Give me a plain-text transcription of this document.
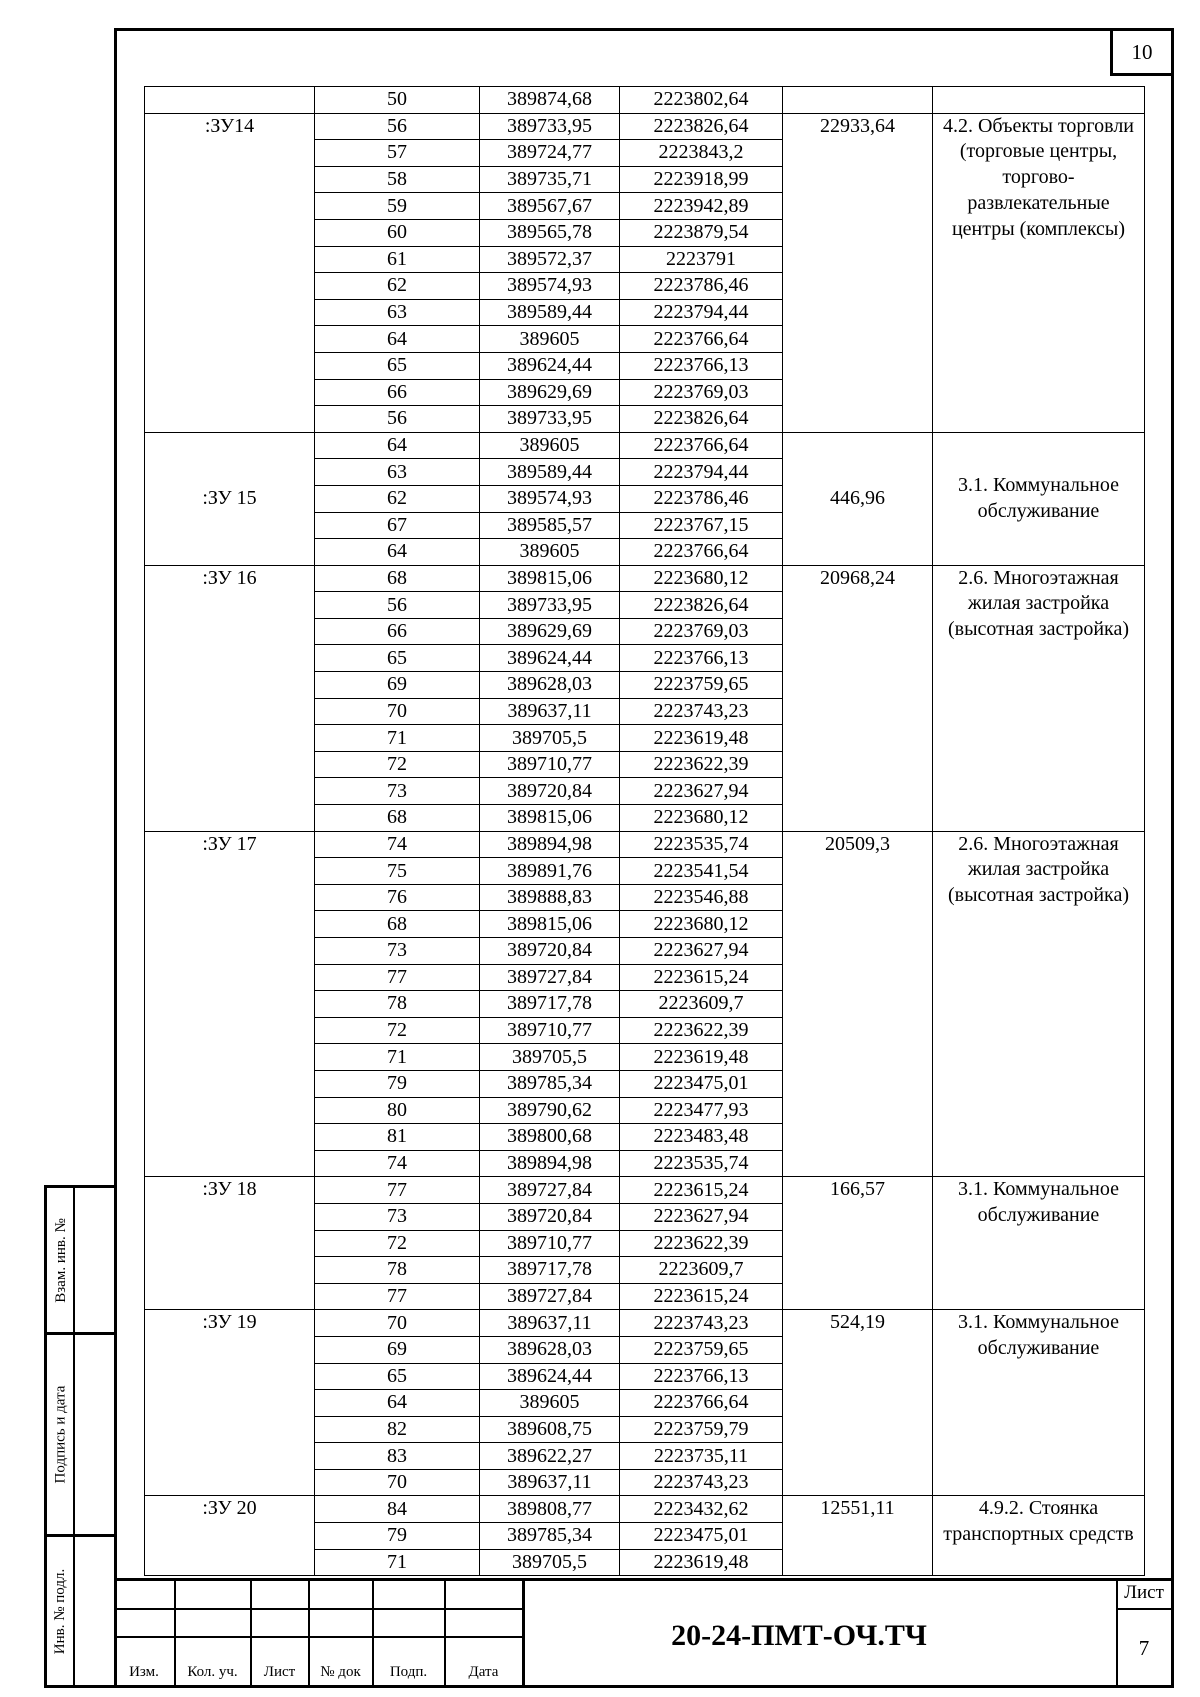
10
Взам. инв. №
Подпись и дата
Инв. № подл.
	50	389874,68	2223802,64		
:ЗУ14	56	389733,95	2223826,64	22933,64	4.2. Объекты торговли (торговые центры, торгово-развлекательные центры (комплексы)
	57	389724,77	2223843,2		
	58	389735,71	2223918,99		
	59	389567,67	2223942,89		
	60	389565,78	2223879,54		
	61	389572,37	2223791		
	62	389574,93	2223786,46		
	63	389589,44	2223794,44		
	64	389605	2223766,64		
	65	389624,44	2223766,13		
	66	389629,69	2223769,03		
	56	389733,95	2223826,64		
:ЗУ 15	64	389605	2223766,64	446,96	3.1. Коммунальное обслуживание
	63	389589,44	2223794,44		
	62	389574,93	2223786,46		
	67	389585,57	2223767,15		
	64	389605	2223766,64		
:ЗУ 16	68	389815,06	2223680,12	20968,24	2.6. Многоэтажная жилая застройка (высотная застройка)
	56	389733,95	2223826,64		
	66	389629,69	2223769,03		
	65	389624,44	2223766,13		
	69	389628,03	2223759,65		
	70	389637,11	2223743,23		
	71	389705,5	2223619,48		
	72	389710,77	2223622,39		
	73	389720,84	2223627,94		
	68	389815,06	2223680,12		
:ЗУ 17	74	389894,98	2223535,74	20509,3	2.6. Многоэтажная жилая застройка (высотная застройка)
	75	389891,76	2223541,54		
	76	389888,83	2223546,88		
	68	389815,06	2223680,12		
	73	389720,84	2223627,94		
	77	389727,84	2223615,24		
	78	389717,78	2223609,7		
	72	389710,77	2223622,39		
	71	389705,5	2223619,48		
	79	389785,34	2223475,01		
	80	389790,62	2223477,93		
	81	389800,68	2223483,48		
	74	389894,98	2223535,74		
:ЗУ 18	77	389727,84	2223615,24	166,57	3.1. Коммунальное обслуживание
	73	389720,84	2223627,94		
	72	389710,77	2223622,39		
	78	389717,78	2223609,7		
	77	389727,84	2223615,24		
:ЗУ 19	70	389637,11	2223743,23	524,19	3.1. Коммунальное обслуживание
	69	389628,03	2223759,65		
	65	389624,44	2223766,13		
	64	389605	2223766,64		
	82	389608,75	2223759,79		
	83	389622,27	2223735,11		
	70	389637,11	2223743,23		
:ЗУ 20	84	389808,77	2223432,62	12551,11	4.9.2. Стоянка транспортных средств
	79	389785,34	2223475,01		
	71	389705,5	2223619,48		
Изм.	Кол. уч.	Лист	№ док	Подп.	Дата
20-24-ПМТ-ОЧ.ТЧ
Лист
7
